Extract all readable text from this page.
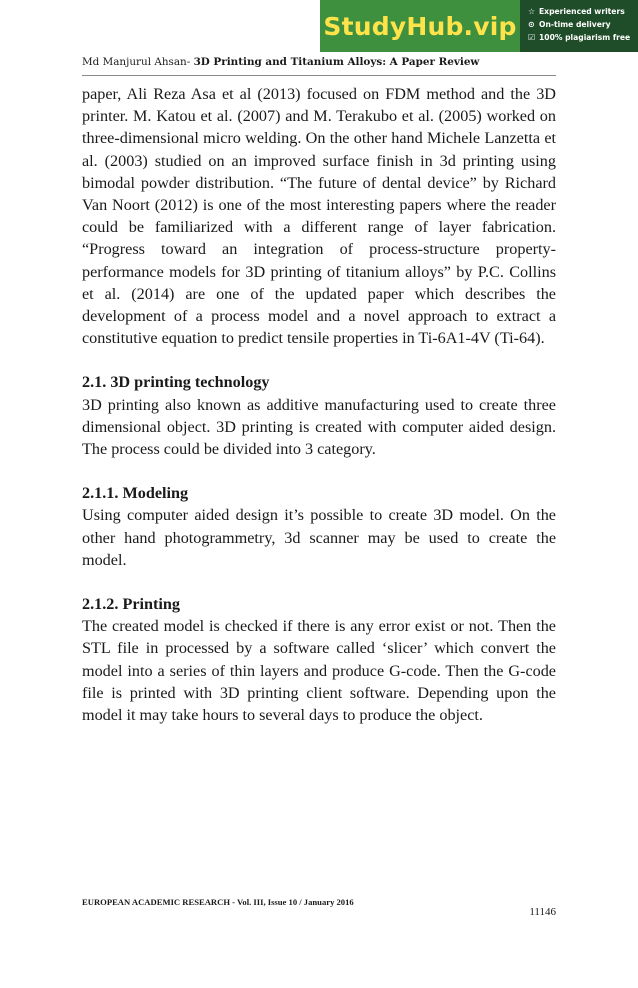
StudyHub.vip	☆ Experienced writers
⊙ On-time delivery
☑ 100% plagiarism free
Md Manjurul Ahsan- 3D Printing and Titanium Alloys: A Paper Review

paper, Ali Reza Asa et al (2013) focused on FDM method and the 3D printer. M. Katou et al. (2007) and M. Terakubo et al. (2005) worked on three-dimensional micro welding. On the other hand Michele Lanzetta et al. (2003) studied on an improved surface finish in 3d printing using bimodal powder distribution. “The future of dental device” by Richard Van Noort (2012) is one of the most interesting papers where the reader could be familiarized with a different range of layer fabrication. “Progress toward an integration of process-structure property-performance models for 3D printing of titanium alloys” by P.C. Collins et al. (2014) are one of the updated paper which describes the development of a process model and a novel approach to extract a constitutive equation to predict tensile properties in Ti-6A1-4V (Ti-64).

2.1. 3D printing technology

3D printing also known as additive manufacturing used to create three dimensional object. 3D printing is created with computer aided design. The process could be divided into 3 category.

2.1.1. Modeling

Using computer aided design it’s possible to create 3D model. On the other hand photogrammetry, 3d scanner may be used to create the model.

2.1.2. Printing

The created model is checked if there is any error exist or not. Then the STL file in processed by a software called ‘slicer’ which convert the model into a series of thin layers and produce G-code. Then the G-code file is printed with 3D printing client software. Depending upon the model it may take hours to several days to produce the object.

EUROPEAN ACADEMIC RESEARCH - Vol. III, Issue 10 / January 2016
11146
